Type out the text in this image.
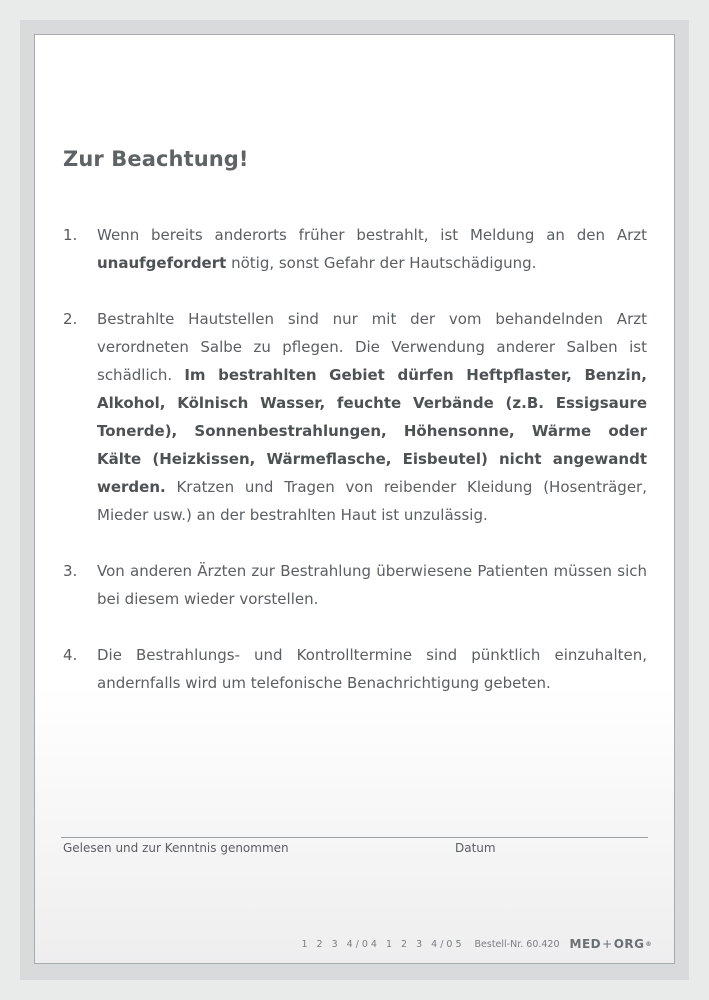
Zur Beachtung!
1. Wenn bereits anderorts früher bestrahlt, ist Meldung an den Arzt unaufgefordert nötig, sonst Gefahr der Hautschädigung.
2. Bestrahlte Hautstellen sind nur mit der vom behandelnden Arzt verordneten Salbe zu pflegen. Die Verwendung anderer Salben ist schädlich. Im bestrahlten Gebiet dürfen Heftpflaster, Benzin, Alkohol, Kölnisch Wasser, feuchte Verbände (z.B. Essigsaure Tonerde), Sonnenbestrahlungen, Höhensonne, Wärme oder Kälte (Heizkissen, Wärmeflasche, Eisbeutel) nicht angewandt werden. Kratzen und Tragen von reibender Kleidung (Hosenträger, Mieder usw.) an der bestrahlten Haut ist unzulässig.
3. Von anderen Ärzten zur Bestrahlung überwiesene Patienten müssen sich bei diesem wieder vorstellen.
4. Die Bestrahlungs- und Kontrolltermine sind pünktlich einzuhalten, andernfalls wird um telefonische Benachrichtigung gebeten.
Gelesen und zur Kenntnis genommen	Datum
1 2 3 4/04 1 2 3 4/05 Bestell-Nr. 60.420 MED + ORG ®
